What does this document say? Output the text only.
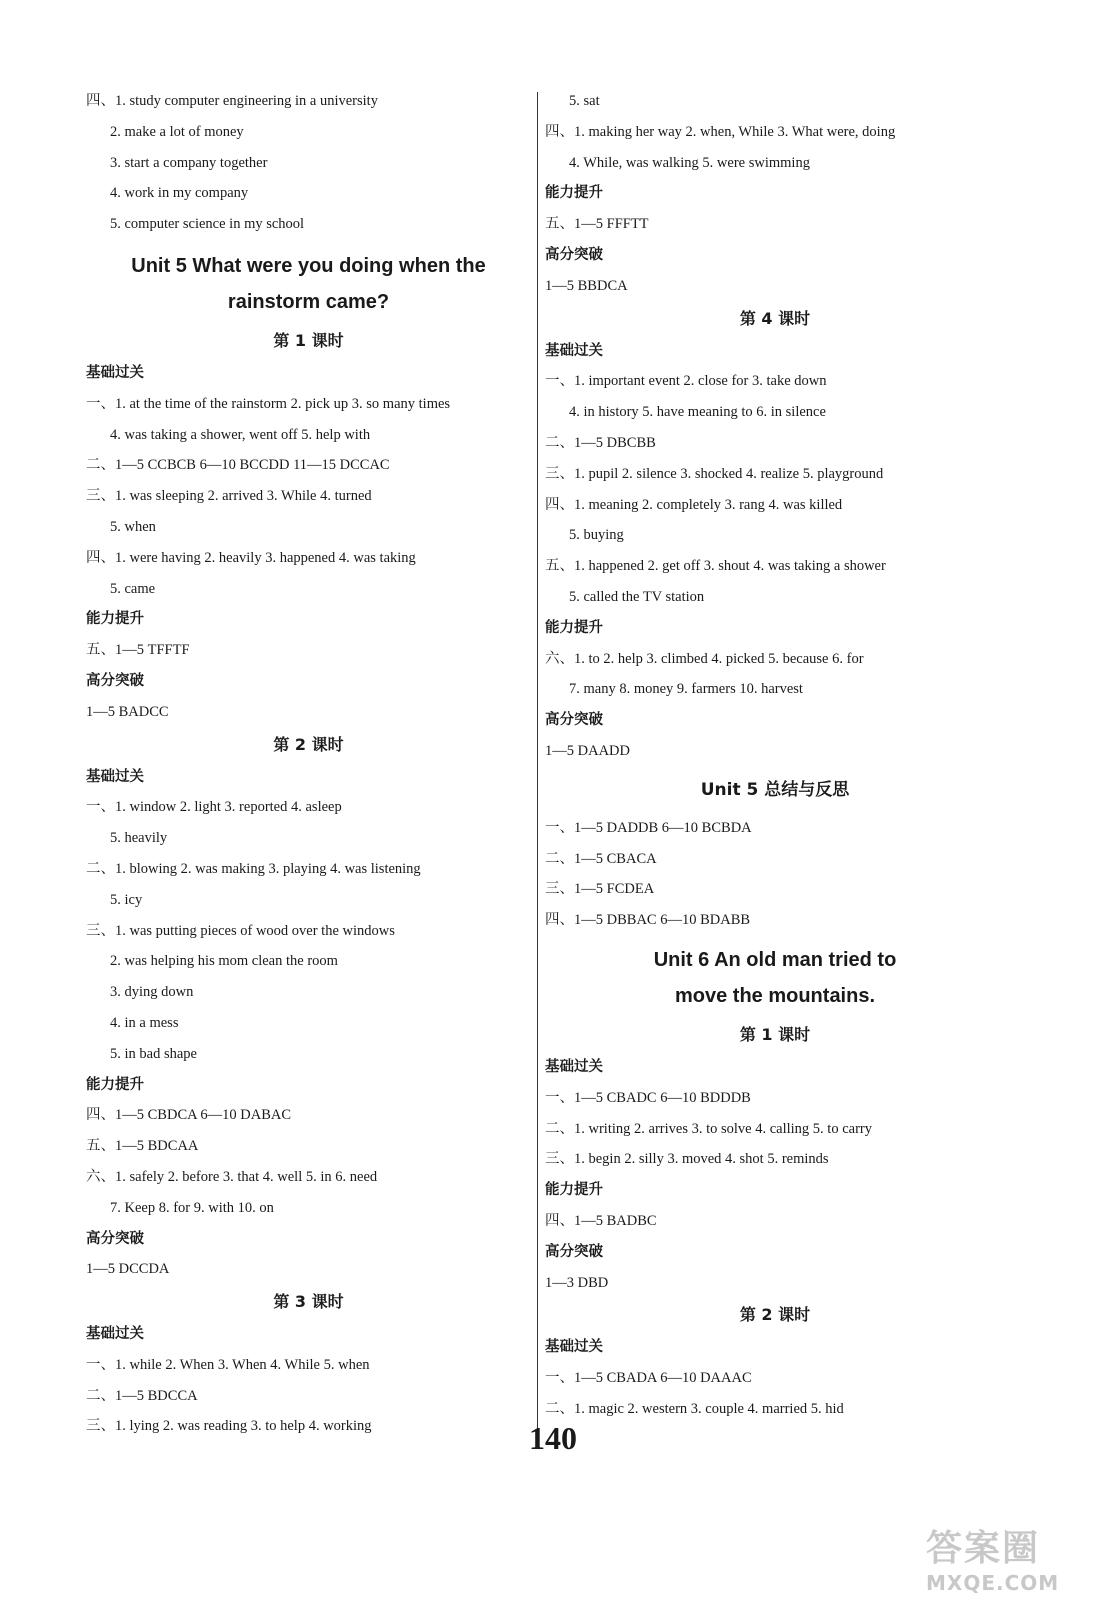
四、1. study computer engineering in a university
2. make a lot of money
3. start a company together
4. work in my company
5. computer science in my school
Unit 5 What were you doing when the
rainstorm came?
第 1 课时
基础过关
一、1. at the time of the rainstorm 2. pick up 3. so many times
4. was taking a shower, went off 5. help with
二、1—5 CCBCB 6—10 BCCDD 11—15 DCCAC
三、1. was sleeping 2. arrived 3. While 4. turned
5. when
四、1. were having 2. heavily 3. happened 4. was taking
5. came
能力提升
五、1—5 TFFTF
高分突破
1—5 BADCC
第 2 课时
基础过关
一、1. window 2. light 3. reported 4. asleep
5. heavily
二、1. blowing 2. was making 3. playing 4. was listening
5. icy
三、1. was putting pieces of wood over the windows
2. was helping his mom clean the room
3. dying down
4. in a mess
5. in bad shape
能力提升
四、1—5 CBDCA 6—10 DABAC
五、1—5 BDCAA
六、1. safely 2. before 3. that 4. well 5. in 6. need
7. Keep 8. for 9. with 10. on
高分突破
1—5 DCCDA
第 3 课时
基础过关
一、1. while 2. When 3. When 4. While 5. when
二、1—5 BDCCA
三、1. lying 2. was reading 3. to help 4. working
5. sat
四、1. making her way 2. when, While 3. What were, doing
4. While, was walking 5. were swimming
能力提升
五、1—5 FFFTT
高分突破
1—5 BBDCA
第 4 课时
基础过关
一、1. important event 2. close for 3. take down
4. in history 5. have meaning to 6. in silence
二、1—5 DBCBB
三、1. pupil 2. silence 3. shocked 4. realize 5. playground
四、1. meaning 2. completely 3. rang 4. was killed
5. buying
五、1. happened 2. get off 3. shout 4. was taking a shower
5. called the TV station
能力提升
六、1. to 2. help 3. climbed 4. picked 5. because 6. for
7. many 8. money 9. farmers 10. harvest
高分突破
1—5 DAADD
Unit 5 总结与反思
一、1—5 DADDB 6—10 BCBDA
二、1—5 CBACA
三、1—5 FCDEA
四、1—5 DBBAC 6—10 BDABB
Unit 6 An old man tried to
move the mountains.
第 1 课时
基础过关
一、1—5 CBADC 6—10 BDDDB
二、1. writing 2. arrives 3. to solve 4. calling 5. to carry
三、1. begin 2. silly 3. moved 4. shot 5. reminds
能力提升
四、1—5 BADBC
高分突破
1—3 DBD
第 2 课时
基础过关
一、1—5 CBADA 6—10 DAAAC
二、1. magic 2. western 3. couple 4. married 5. hid
140
答案圈
MXQE.COM
